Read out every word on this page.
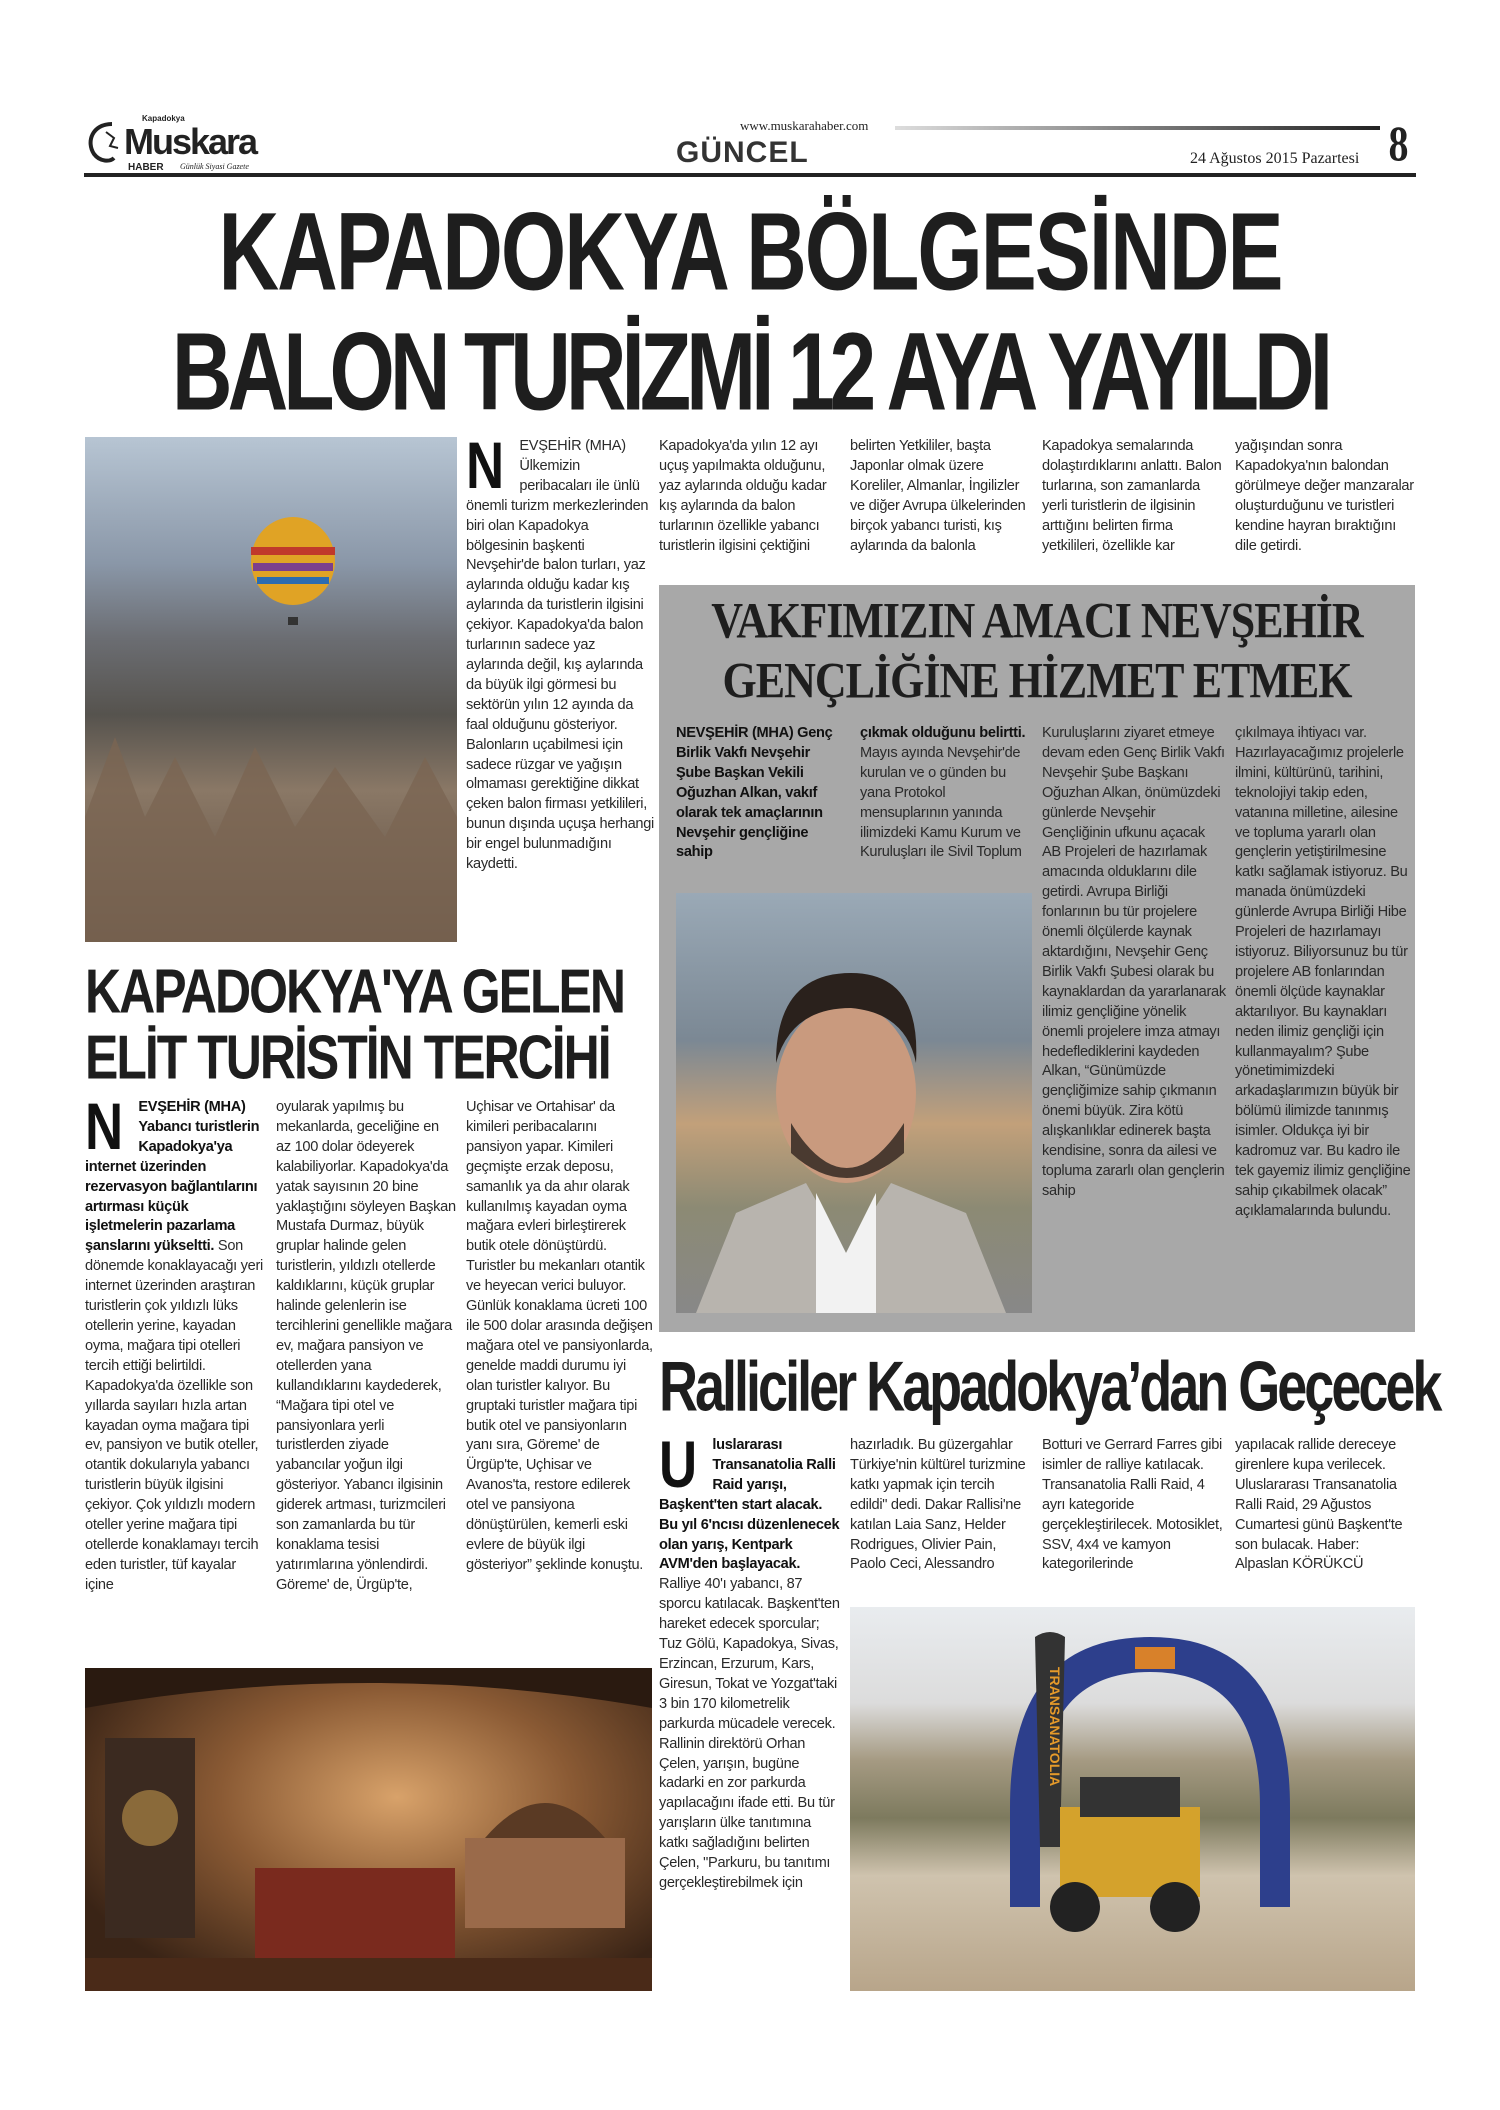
Kapadokya
Muskara
HABER Günlük Siyasi Gazete
www.muskarahaber.com
GÜNCEL	24 Ağustos 2015 Pazartesi 8
KAPADOKYA BÖLGESİNDE
BALON TURİZMİ 12 AYA YAYILDI
N EVŞEHİR (MHA) Ülkemizin peribacaları ile ünlü önemli turizm merkezlerinden biri olan Kapadokya bölgesinin başkenti Nevşehir'de balon turları, yaz aylarında olduğu kadar kış aylarında da turistlerin ilgisini çekiyor. Kapadokya'da balon turlarının sadece yaz aylarında değil, kış aylarında da büyük ilgi görmesi bu sektörün yılın 12 ayında da faal olduğunu gösteriyor. Balonların uçabilmesi için sadece rüzgar ve yağışın olmaması gerektiğine dikkat çeken balon firması yetkilileri, bunun dışında uçuşa herhangi bir engel bulunmadığını kaydetti.
Kapadokya'da yılın 12 ayı uçuş yapılmakta olduğunu, yaz aylarında olduğu kadar kış aylarında da balon turlarının özellikle yabancı turistlerin ilgisini çektiğini
belirten Yetkililer, başta Japonlar olmak üzere Koreliler, Almanlar, İngilizler ve diğer Avrupa ülkelerinden birçok yabancı turisti, kış aylarında da balonla
Kapadokya semalarında dolaştırdıklarını anlattı. Balon turlarına, son zamanlarda yerli turistlerin de ilgisinin arttığını belirten firma yetkilileri, özellikle kar
yağışından sonra Kapadokya'nın balondan görülmeye değer manzaralar oluşturduğunu ve turistleri kendine hayran bıraktığını dile getirdi.
VAKFIMIZIN AMACI NEVŞEHİR
GENÇLİĞİNE HİZMET ETMEK
NEVŞEHİR (MHA) Genç Birlik Vakfı Nevşehir Şube Başkan Vekili Oğuzhan Alkan, vakıf olarak tek amaçlarının Nevşehir gençliğine sahip
çıkmak olduğunu belirtti. Mayıs ayında Nevşehir'de kurulan ve o günden bu yana Protokol mensuplarının yanında ilimizdeki Kamu Kurum ve Kuruluşları ile Sivil Toplum
Kuruluşlarını ziyaret etmeye devam eden Genç Birlik Vakfı Nevşehir Şube Başkanı Oğuzhan Alkan, önümüzdeki günlerde Nevşehir Gençliğinin ufkunu açacak AB Projeleri de hazırlamak amacında olduklarını dile getirdi. Avrupa Birliği fonlarının bu tür projelere önemli ölçülerde kaynak aktardığını, Nevşehir Genç Birlik Vakfı Şubesi olarak bu kaynaklardan da yararlanarak ilimiz gençliğine yönelik önemli projelere imza atmayı hedeflediklerini kaydeden Alkan, “Günümüzde gençliğimize sahip çıkmanın önemi büyük. Zira kötü alışkanlıklar edinerek başta kendisine, sonra da ailesi ve topluma zararlı olan gençlerin sahip
çıkılmaya ihtiyacı var. Hazırlayacağımız projelerle ilmini, kültürünü, tarihini, teknolojiyi takip eden, vatanına milletine, ailesine ve topluma yararlı olan gençlerin yetiştirilmesine katkı sağlamak istiyoruz. Bu manada önümüzdeki günlerde Avrupa Birliği Hibe Projeleri de hazırlamayı istiyoruz. Biliyorsunuz bu tür projelere AB fonlarından önemli ölçüde kaynaklar aktarılıyor. Bu kaynakları neden ilimiz gençliği için kullanmayalım? Şube yönetimimizdeki arkadaşlarımızın büyük bir bölümü ilimizde tanınmış isimler. Oldukça iyi bir kadromuz var. Bu kadro ile tek gayemiz ilimiz gençliğine sahip çıkabilmek olacak” açıklamalarında bulundu.
KAPADOKYA'YA GELEN
ELİT TURİSTİN TERCİHİ
N EVŞEHİR (MHA) Yabancı turistlerin Kapadokya'ya internet üzerinden rezervasyon bağlantılarını artırması küçük işletmelerin pazarlama şanslarını yükseltti. Son dönemde konaklayacağı yeri internet üzerinden araştıran turistlerin çok yıldızlı lüks otellerin yerine, kayadan oyma, mağara tipi otelleri tercih ettiği belirtildi. Kapadokya'da özellikle son yıllarda sayıları hızla artan kayadan oyma mağara tipi ev, pansiyon ve butik oteller, otantik dokularıyla yabancı turistlerin büyük ilgisini çekiyor. Çok yıldızlı modern oteller yerine mağara tipi otellerde konaklamayı tercih eden turistler, tüf kayalar içine
oyularak yapılmış bu mekanlarda, geceliğine en az 100 dolar ödeyerek kalabiliyorlar. Kapadokya'da yatak sayısının 20 bine yaklaştığını söyleyen Başkan Mustafa Durmaz, büyük gruplar halinde gelen turistlerin, yıldızlı otellerde kaldıklarını, küçük gruplar halinde gelenlerin ise tercihlerini genellikle mağara ev, mağara pansiyon ve otellerden yana kullandıklarını kaydederek, “Mağara tipi otel ve pansiyonlara yerli turistlerden ziyade yabancılar yoğun ilgi gösteriyor. Yabancı ilgisinin giderek artması, turizmcileri son zamanlarda bu tür konaklama tesisi yatırımlarına yönlendirdi. Göreme' de, Ürgüp'te,
Uçhisar ve Ortahisar' da kimileri peribacalarını pansiyon yapar. Kimileri geçmişte erzak deposu, samanlık ya da ahır olarak kullanılmış kayadan oyma mağara evleri birleştirerek butik otele dönüştürdü. Turistler bu mekanları otantik ve heyecan verici buluyor. Günlük konaklama ücreti 100 ile 500 dolar arasında değişen mağara otel ve pansiyonlarda, genelde maddi durumu iyi olan turistler kalıyor. Bu gruptaki turistler mağara tipi butik otel ve pansiyonların yanı sıra, Göreme' de Ürgüp'te, Uçhisar ve Avanos'ta, restore edilerek otel ve pansiyona dönüştürülen, kemerli eski evlere de büyük ilgi gösteriyor” şeklinde konuştu.
Ralliciler Kapadokya’dan Geçecek
U luslararası Transanatolia Ralli Raid yarışı, Başkent'ten start alacak. Bu yıl 6'ncısı düzenlenecek olan yarış, Kentpark AVM'den başlayacak. Ralliye 40'ı yabancı, 87 sporcu katılacak. Başkent'ten hareket edecek sporcular; Tuz Gölü, Kapadokya, Sivas, Erzincan, Erzurum, Kars, Giresun, Tokat ve Yozgat'taki 3 bin 170 kilometrelik parkurda mücadele verecek. Rallinin direktörü Orhan Çelen, yarışın, bugüne kadarki en zor parkurda yapılacağını ifade etti. Bu tür yarışların ülke tanıtımına katkı sağladığını belirten Çelen, "Parkuru, bu tanıtımı gerçekleştirebilmek için
hazırladık. Bu güzergahlar Türkiye'nin kültürel turizmine katkı yapmak için tercih edildi" dedi. Dakar Rallisi'ne katılan Laia Sanz, Helder Rodrigues, Olivier Pain, Paolo Ceci, Alessandro
Botturi ve Gerrard Farres gibi isimler de ralliye katılacak. Transanatolia Ralli Raid, 4 ayrı kategoride gerçekleştirilecek. Motosiklet, SSV, 4x4 ve kamyon kategorilerinde
yapılacak rallide dereceye girenlere kupa verilecek. Uluslararası Transanatolia Ralli Raid, 29 Ağustos Cumartesi günü Başkent'te son bulacak. Haber: Alpaslan KÖRÜKCÜ
TRANSANATOLIA
